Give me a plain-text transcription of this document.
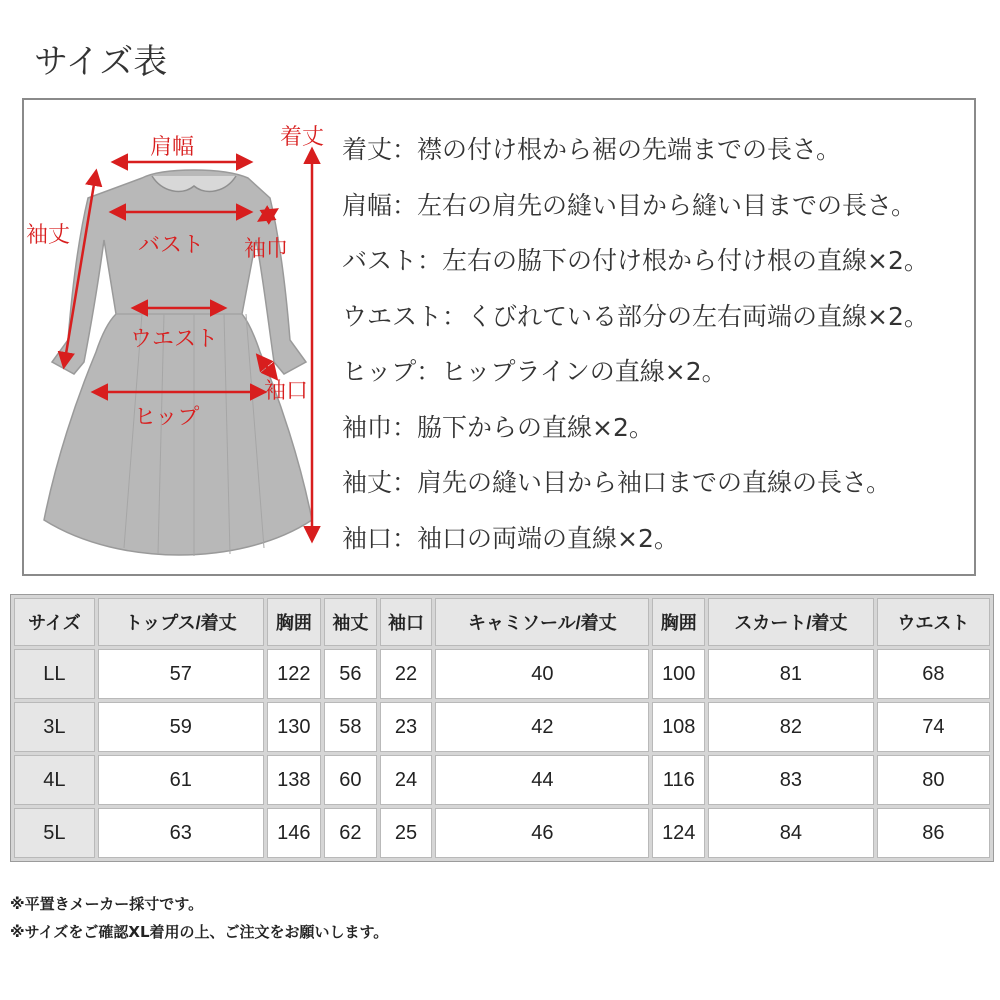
サイズ表
肩幅	着丈
袖丈	バスト 袖巾
ウエスト
袖口
ヒップ
着丈：襟の付け根から裾の先端までの長さ。
肩幅：左右の肩先の縫い目から縫い目までの長さ。
バスト：左右の脇下の付け根から付け根の直線×2。
ウエスト：くびれている部分の左右両端の直線×2。
ヒップ：ヒップラインの直線×2。
袖巾：脇下からの直線×2。
袖丈：肩先の縫い目から袖口までの直線の長さ。
袖口：袖口の両端の直線×2。
サイズ	トップス/着丈	胸囲	袖丈	袖口	キャミソール/着丈	胸囲	スカート/着丈	ウエスト
LL	57	122	56	22	40	100	81	68
3L	59	130	58	23	42	108	82	74
4L	61	138	60	24	44	116	83	80
5L	63	146	62	25	46	124	84	86
※平置きメーカー採寸です。
※サイズをご確認XL着用の上、ご注文をお願いします。
